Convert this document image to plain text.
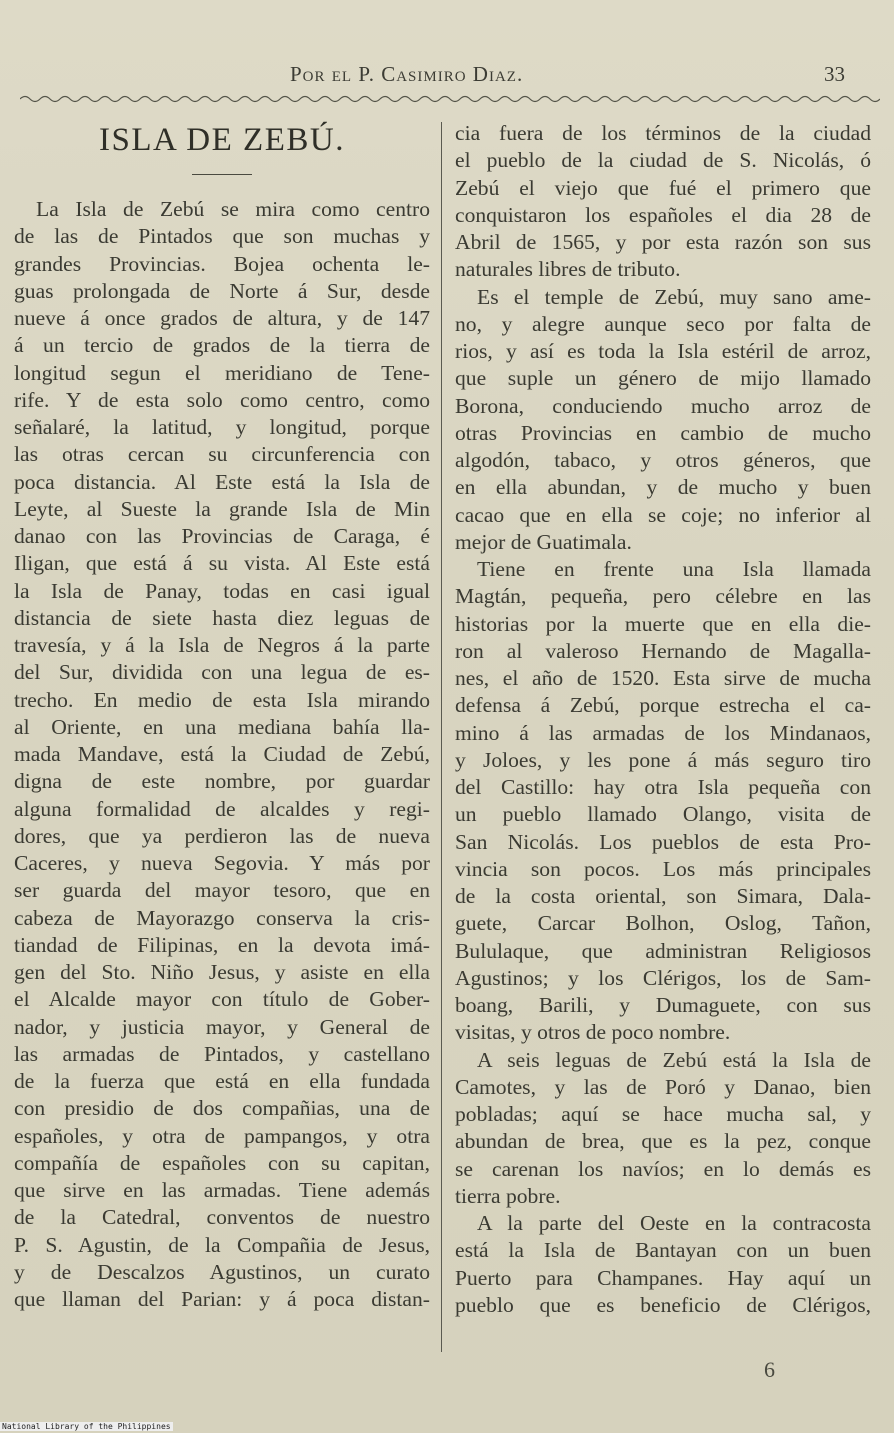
Por el P. Casimiro Diaz.	33
ISLA DE ZEBÚ.
La Isla de Zebú se mira como centro
de las de Pintados que son muchas y
grandes Provincias. Bojea ochenta le-
guas prolongada de Norte á Sur, desde
nueve á once grados de altura, y de 147
á un tercio de grados de la tierra de
longitud segun el meridiano de Tene-
rife. Y de esta solo como centro, como
señalaré, la latitud, y longitud, porque
las otras cercan su circunferencia con
poca distancia. Al Este está la Isla de
Leyte, al Sueste la grande Isla de Min
danao con las Provincias de Caraga, é
Iligan, que está á su vista. Al Este está
la Isla de Panay, todas en casi igual
distancia de siete hasta diez leguas de
travesía, y á la Isla de Negros á la parte
del Sur, dividida con una legua de es-
trecho. En medio de esta Isla mirando
al Oriente, en una mediana bahía lla-
mada Mandave, está la Ciudad de Zebú,
digna de este nombre, por guardar
alguna formalidad de alcaldes y regi-
dores, que ya perdieron las de nueva
Caceres, y nueva Segovia. Y más por
ser guarda del mayor tesoro, que en
cabeza de Mayorazgo conserva la cris-
tiandad de Filipinas, en la devota imá-
gen del Sto. Niño Jesus, y asiste en ella
el Alcalde mayor con título de Gober-
nador, y justicia mayor, y General de
las armadas de Pintados, y castellano
de la fuerza que está en ella fundada
con presidio de dos compañias, una de
españoles, y otra de pampangos, y otra
compañía de españoles con su capitan,
que sirve en las armadas. Tiene además
de la Catedral, conventos de nuestro
P. S. Agustin, de la Compañia de Jesus,
y de Descalzos Agustinos, un curato
que llaman del Parian: y á poca distan-
cia fuera de los términos de la ciudad
el pueblo de la ciudad de S. Nicolás, ó
Zebú el viejo que fué el primero que
conquistaron los españoles el dia 28 de
Abril de 1565, y por esta razón son sus
naturales libres de tributo.
Es el temple de Zebú, muy sano ame-
no, y alegre aunque seco por falta de
rios, y así es toda la Isla estéril de arroz,
que suple un género de mijo llamado
Borona, conduciendo mucho arroz de
otras Provincias en cambio de mucho
algodón, tabaco, y otros géneros, que
en ella abundan, y de mucho y buen
cacao que en ella se coje; no inferior al
mejor de Guatimala.
Tiene en frente una Isla llamada
Magtán, pequeña, pero célebre en las
historias por la muerte que en ella die-
ron al valeroso Hernando de Magalla-
nes, el año de 1520. Esta sirve de mucha
defensa á Zebú, porque estrecha el ca-
mino á las armadas de los Mindanaos,
y Joloes, y les pone á más seguro tiro
del Castillo: hay otra Isla pequeña con
un pueblo llamado Olango, visita de
San Nicolás. Los pueblos de esta Pro-
vincia son pocos. Los más principales
de la costa oriental, son Simara, Dala-
guete, Carcar Bolhon, Oslog, Tañon,
Bululaque, que administran Religiosos
Agustinos; y los Clérigos, los de Sam-
boang, Barili, y Dumaguete, con sus
visitas, y otros de poco nombre.
A seis leguas de Zebú está la Isla de
Camotes, y las de Poró y Danao, bien
pobladas; aquí se hace mucha sal, y
abundan de brea, que es la pez, conque
se carenan los navíos; en lo demás es
tierra pobre.
A la parte del Oeste en la contracosta
está la Isla de Bantayan con un buen
Puerto para Champanes. Hay aquí un
pueblo que es beneficio de Clérigos,
6
National Library of the Philippines
